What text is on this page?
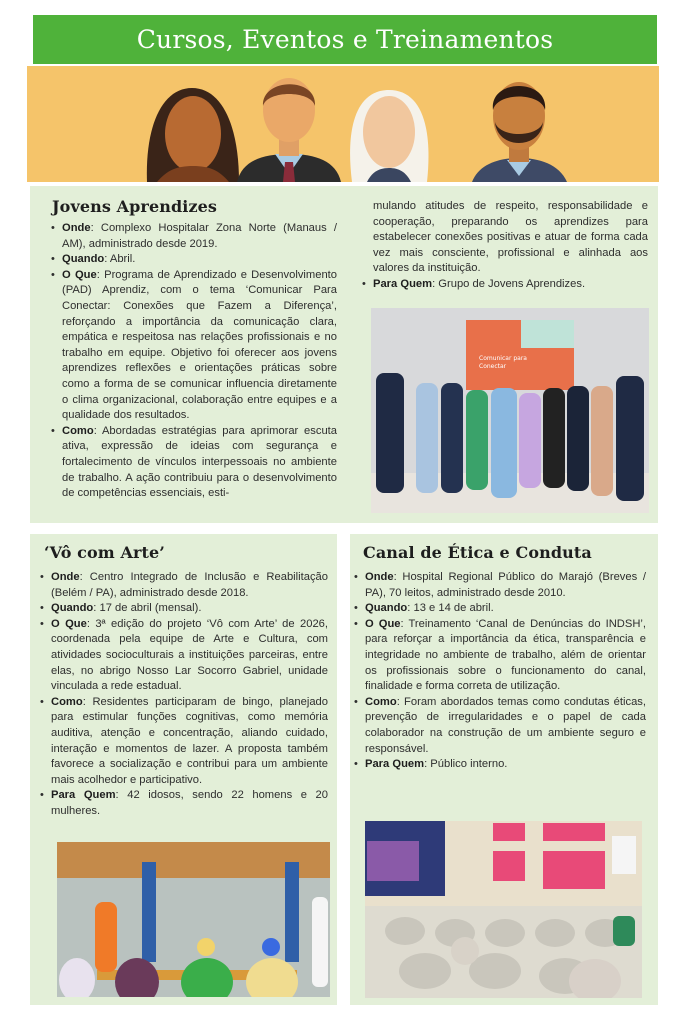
Cursos, Eventos e Treinamentos
Jovens Aprendizes
• Onde: Complexo Hospitalar Zona Norte (Manaus / AM), administrado desde 2019.
• Quando: Abril.
• O Que: Programa de Aprendizado e Desenvolvimento (PAD) Aprendiz, com o tema ‘Comunicar Para Conectar: Conexões que Fazem a Diferença’, reforçando a importância da comunicação clara, empática e respeitosa nas relações profissionais e no trabalho em equipe. Objetivo foi oferecer aos jovens aprendizes reflexões e orientações práticas sobre como a forma de se comunicar influencia diretamente o clima organizacional, colaboração entre equipes e a qualidade dos resultados.
• Como: Abordadas estratégias para aprimorar escuta ativa, expressão de ideias com segurança e fortalecimento de vínculos interpessoais no ambiente de trabalho. A ação contribuiu para o desenvolvimento de competências essenciais, esti-
mulando atitudes de respeito, responsabilidade e cooperação, preparando os aprendizes para estabelecer conexões positivas e atuar de forma cada vez mais consciente, profissional e alinhada aos valores da instituição.
• Para Quem: Grupo de Jovens Aprendizes.
Comunicar para
Conectar
‘Vô com Arte’
• Onde: Centro Integrado de Inclusão e Reabilitação (Belém / PA), administrado desde 2018.
• Quando: 17 de abril (mensal).
• O Que: 3ª edição do projeto ‘Vô com Arte’ de 2026, coordenada pela equipe de Arte e Cultura, com atividades socioculturais a instituições parceiras, entre elas, no abrigo Nosso Lar Socorro Gabriel, unidade vinculada a rede estadual.
• Como: Residentes participaram de bingo, planejado para estimular funções cognitivas, como memória auditiva, atenção e concentração, aliando cuidado, interação e momentos de lazer. A proposta também favorece a socialização e contribui para um ambiente mais acolhedor e participativo.
• Para Quem: 42 idosos, sendo 22 homens e 20 mulheres.
Canal de Ética e Conduta
• Onde: Hospital Regional Público do Marajó (Breves / PA), 70 leitos, administrado desde 2010.
• Quando: 13 e 14 de abril.
• O Que: Treinamento ‘Canal de Denúncias do INDSH’, para reforçar a importância da ética, transparência e integridade no ambiente de trabalho, além de orientar os profissionais sobre o funcionamento do canal, finalidade e forma correta de utilização.
• Como: Foram abordados temas como condutas éticas, prevenção de irregularidades e o papel de cada colaborador na construção de um ambiente seguro e responsável.
• Para Quem: Público interno.
